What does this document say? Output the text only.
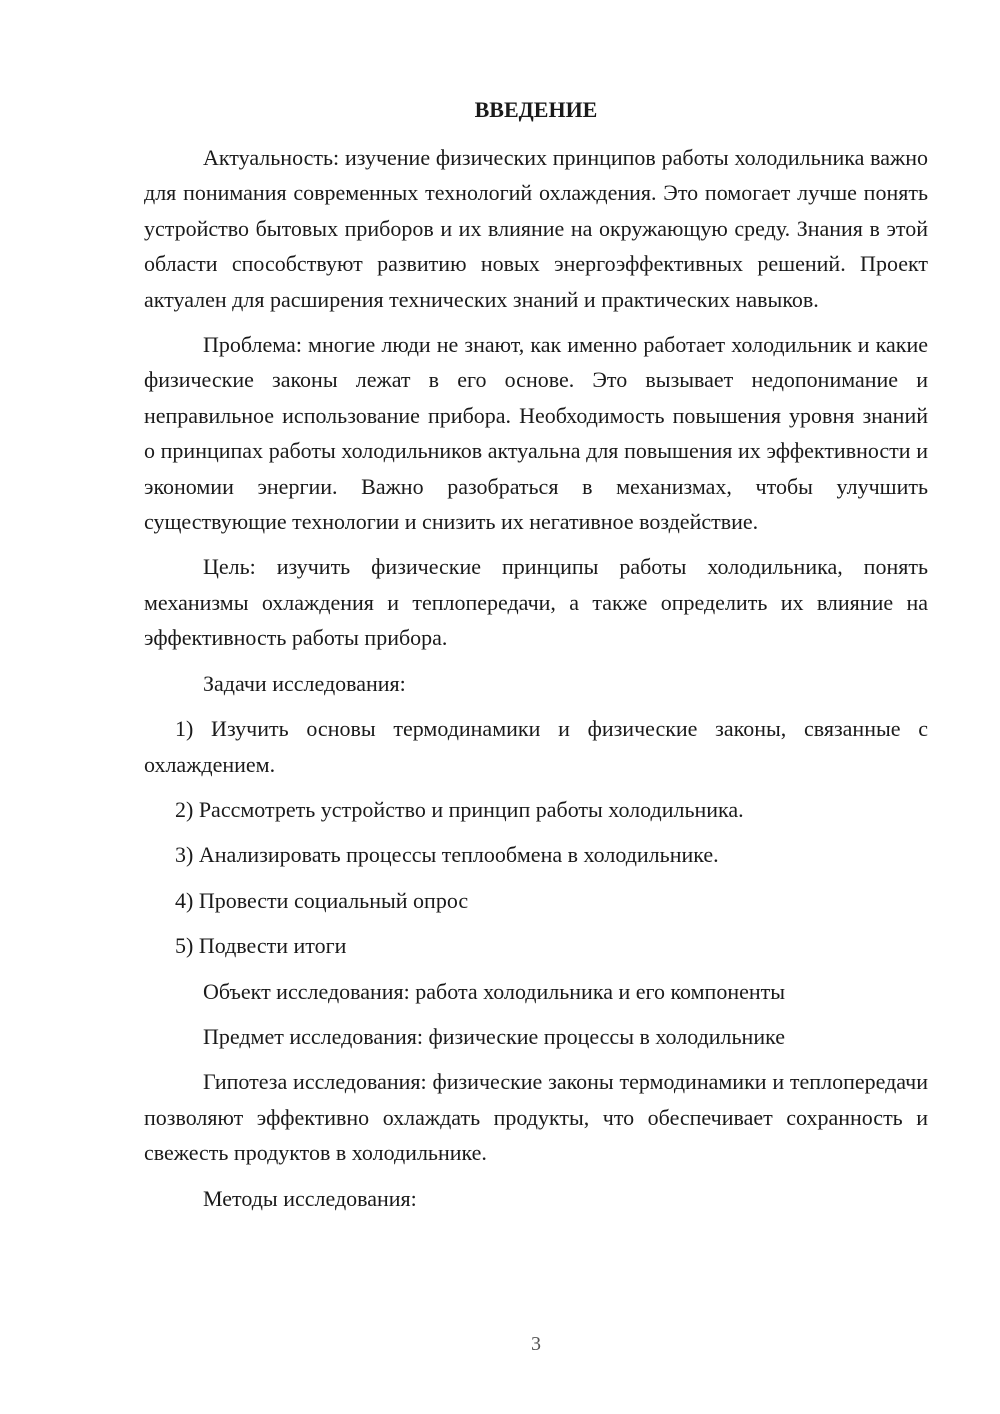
ВВЕДЕНИЕ

Актуальность: изучение физических принципов работы холодильника важно для понимания современных технологий охлаждения. Это помогает лучше понять устройство бытовых приборов и их влияние на окружающую среду. Знания в этой области способствуют развитию новых энергоэффективных решений. Проект актуален для расширения технических знаний и практических навыков.

Проблема: многие люди не знают, как именно работает холодильник и какие физические законы лежат в его основе. Это вызывает недопонимание и неправильное использование прибора. Необходимость повышения уровня знаний о принципах работы холодильников актуальна для повышения их эффективности и экономии энергии. Важно разобраться в механизмах, чтобы улучшить существующие технологии и снизить их негативное воздействие.

Цель: изучить физические принципы работы холодильника, понять механизмы охлаждения и теплопередачи, а также определить их влияние на эффективность работы прибора.

Задачи исследования:

1) Изучить основы термодинамики и физические законы, связанные с охлаждением.

2) Рассмотреть устройство и принцип работы холодильника.

3) Анализировать процессы теплообмена в холодильнике.

4) Провести социальный опрос

5) Подвести итоги

Объект исследования: работа холодильника и его компоненты

Предмет исследования: физические процессы в холодильнике

Гипотеза исследования: физические законы термодинамики и теплопередачи позволяют эффективно охлаждать продукты, что обеспечивает сохранность и свежесть продуктов в холодильнике.

Методы исследования:

3
